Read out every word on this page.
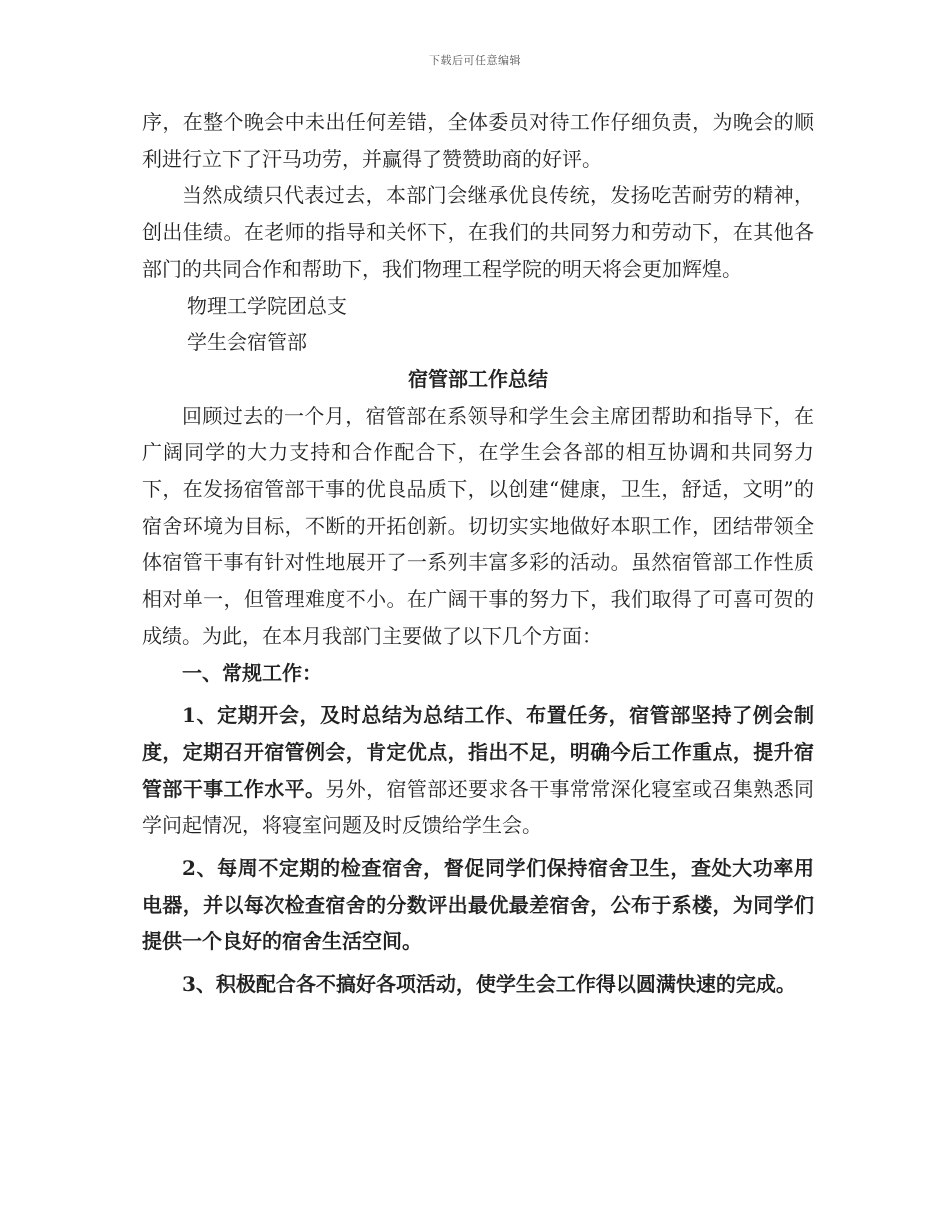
下载后可任意编辑

序，在整个晚会中未出任何差错，全体委员对待工作仔细负责，为晚会的顺利进行立下了汗马功劳，并赢得了赞赞助商的好评。

当然成绩只代表过去，本部门会继承优良传统，发扬吃苦耐劳的精神，创出佳绩。在老师的指导和关怀下，在我们的共同努力和劳动下，在其他各部门的共同合作和帮助下，我们物理工程学院的明天将会更加辉煌。

物理工学院团总支

学生会宿管部

宿管部工作总结

回顾过去的一个月，宿管部在系领导和学生会主席团帮助和指导下，在广阔同学的大力支持和合作配合下，在学生会各部的相互协调和共同努力下，在发扬宿管部干事的优良品质下，以创建“健康，卫生，舒适，文明”的宿舍环境为目标，不断的开拓创新。切切实实地做好本职工作，团结带领全体宿管干事有针对性地展开了一系列丰富多彩的活动。虽然宿管部工作性质相对单一，但管理难度不小。在广阔干事的努力下，我们取得了可喜可贺的成绩。为此，在本月我部门主要做了以下几个方面：

一、常规工作：

1、定期开会，及时总结为总结工作、布置任务，宿管部坚持了例会制度，定期召开宿管例会，肯定优点，指出不足，明确今后工作重点，提升宿管部干事工作水平。另外，宿管部还要求各干事常常深化寝室或召集熟悉同学问起情况，将寝室问题及时反馈给学生会。

2、每周不定期的检查宿舍，督促同学们保持宿舍卫生，查处大功率用电器，并以每次检查宿舍的分数评出最优最差宿舍，公布于系楼，为同学们提供一个良好的宿舍生活空间。

3、积极配合各不搞好各项活动，使学生会工作得以圆满快速的完成。
